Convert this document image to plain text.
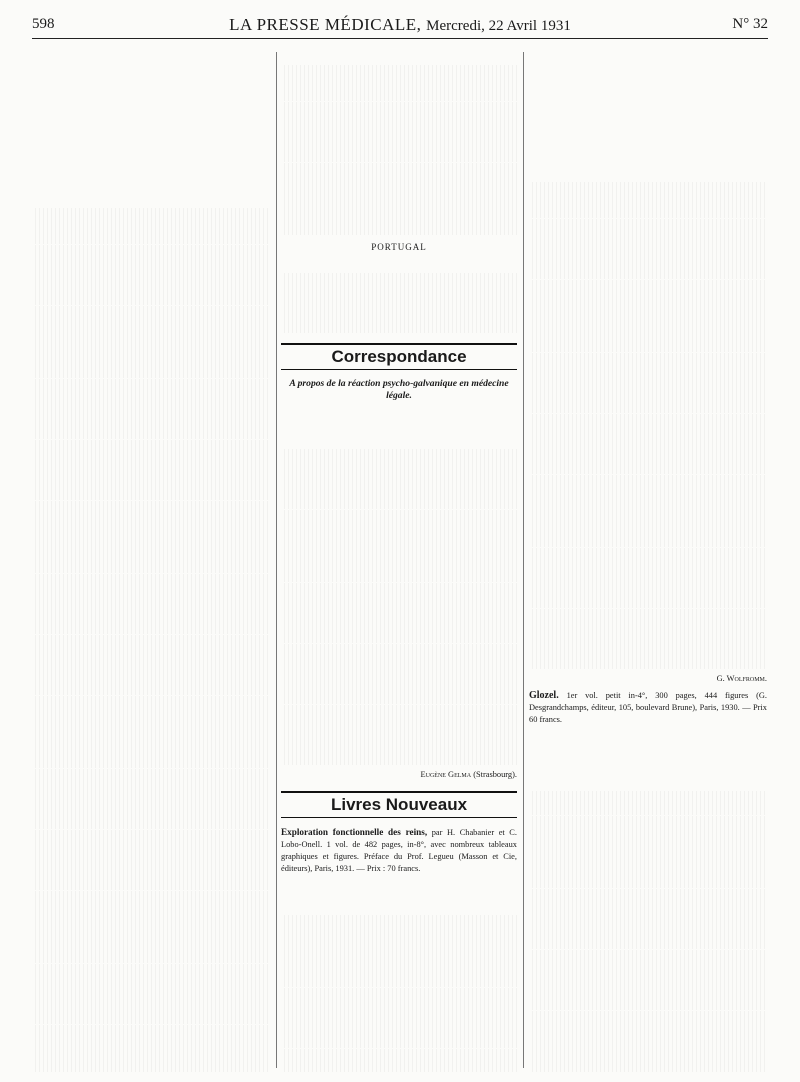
598	LA PRESSE MÉDICALE, Mercredi, 22 Avril 1931	N° 32

PORTUGAL

Correspondance
A propos de la réaction psycho-galvanique en médecine légale.

Eugène Gelma (Strasbourg).
Livres Nouveaux
Exploration fonctionnelle des reins, par H. Chabanier et C. Lobo-Onell. 1 vol. de 482 pages, in-8°, avec nombreux tableaux graphiques et figures. Préface du Prof. Legueu (Masson et Cie, éditeurs), Paris, 1931. — Prix : 70 francs.

G. Wolfromm.
Glozel. 1er vol. petit in-4°, 300 pages, 444 figures (G. Desgrandchamps, éditeur, 105, boulevard Brune), Paris, 1930. — Prix 60 francs.
